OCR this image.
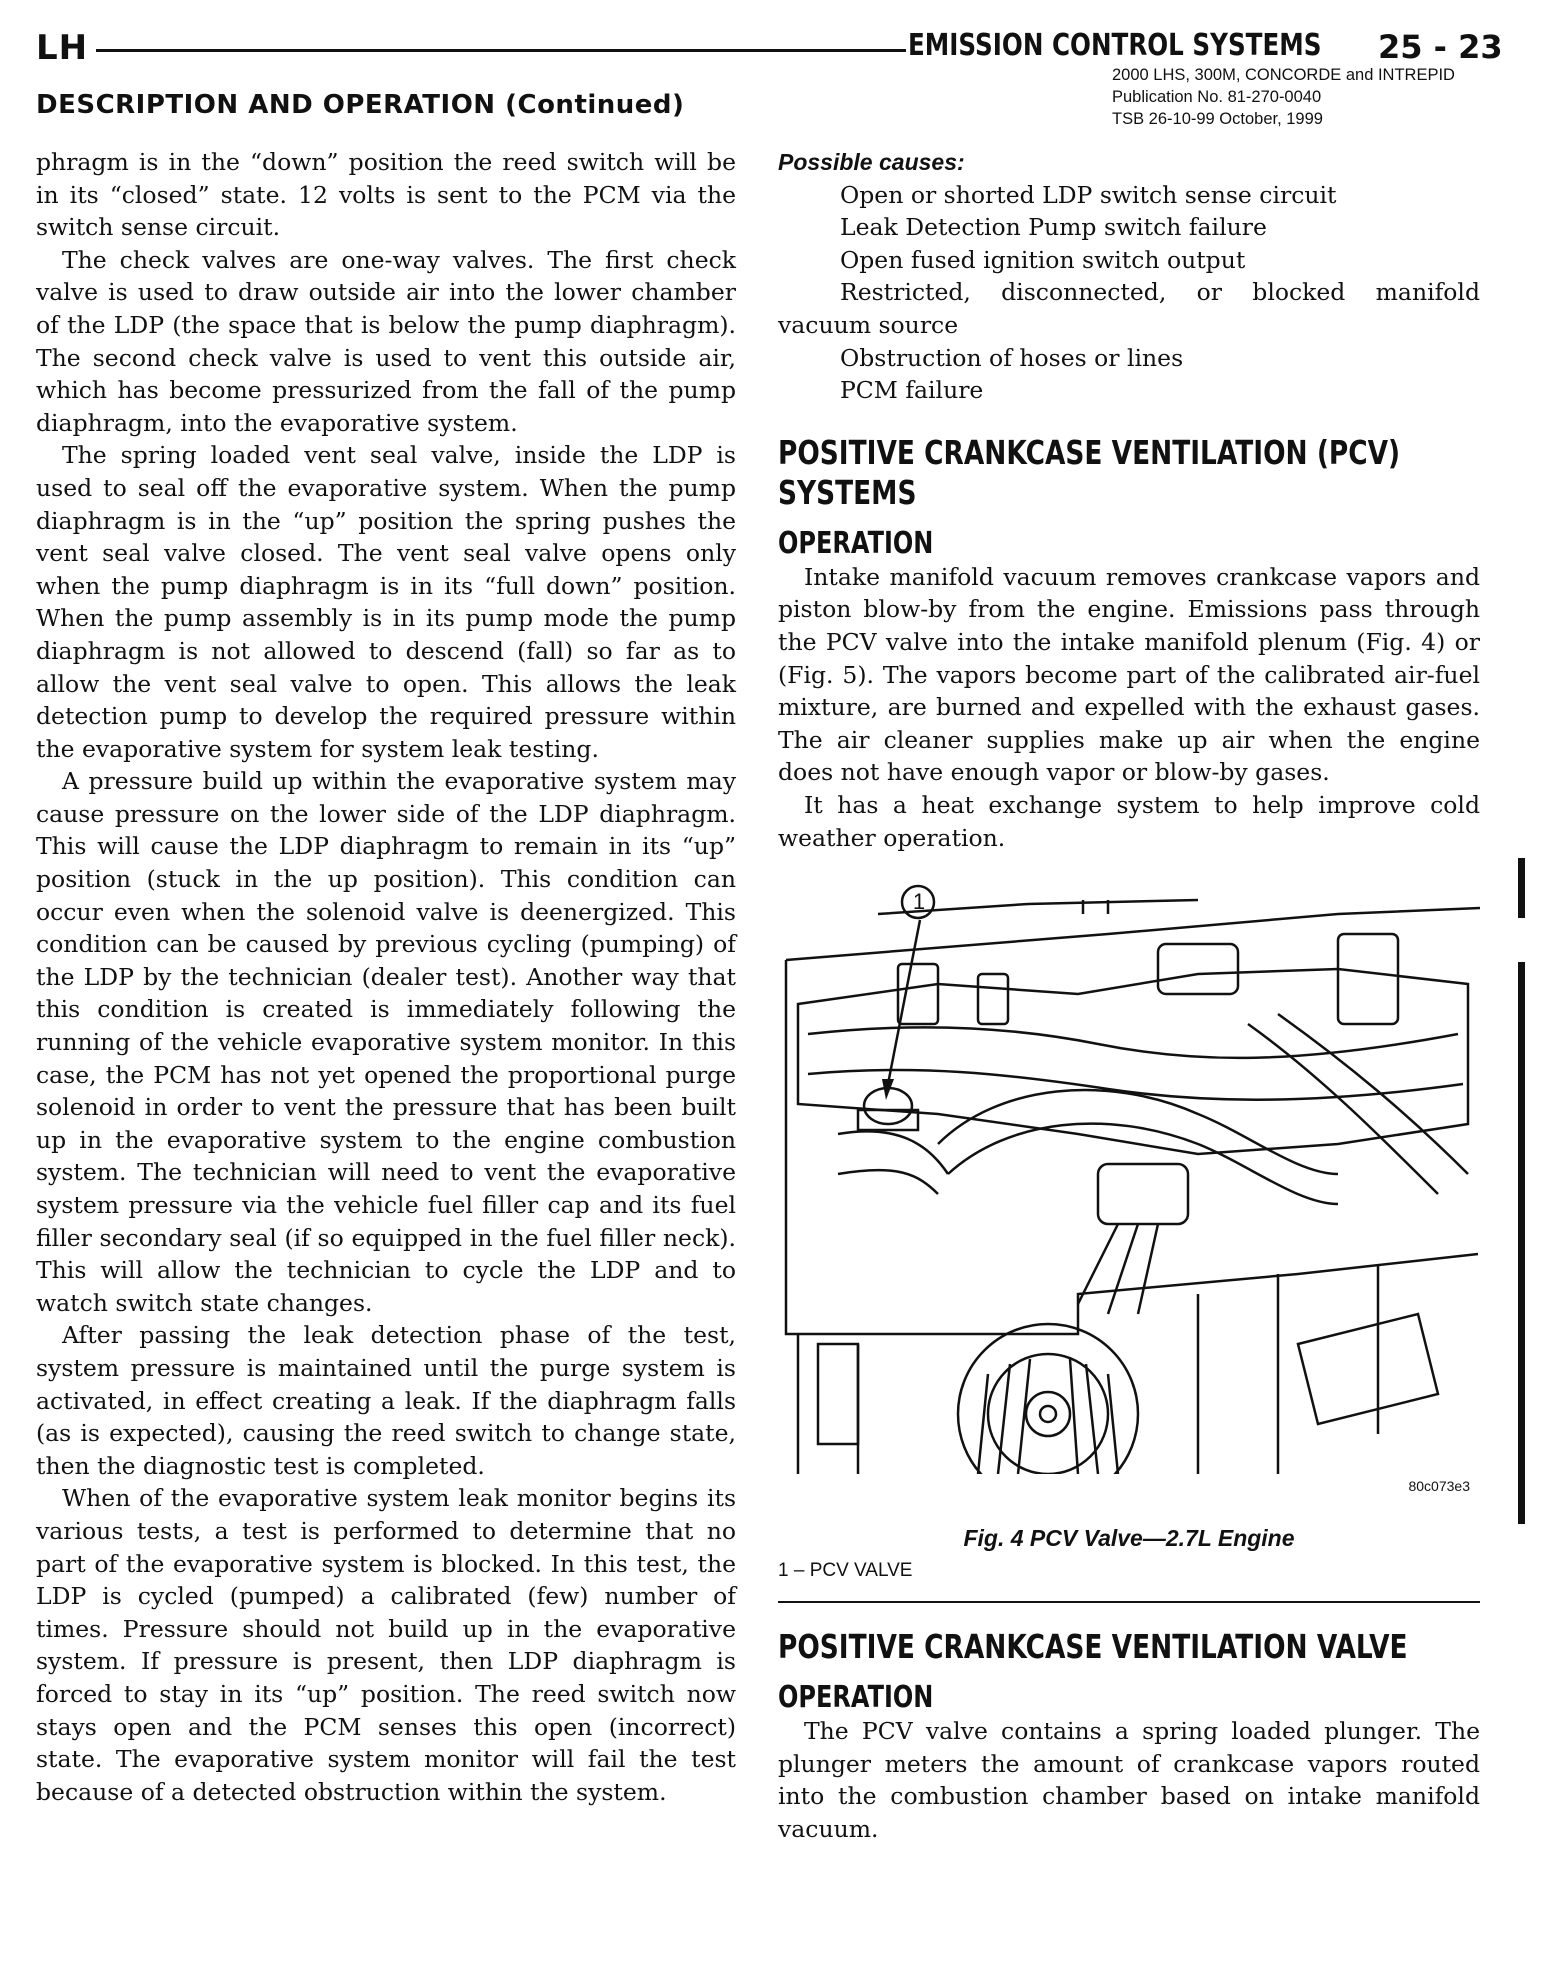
LH	EMISSION CONTROL SYSTEMS 25 - 23
2000 LHS, 300M, CONCORDE and INTREPID
Publication No. 81-270-0040
TSB 26-10-99 October, 1999
DESCRIPTION AND OPERATION (Continued)

phragm is in the “down” position the reed switch will be in its “closed” state. 12 volts is sent to the PCM via the switch sense circuit.

The check valves are one-way valves. The first check valve is used to draw outside air into the lower chamber of the LDP (the space that is below the pump diaphragm). The second check valve is used to vent this outside air, which has become pressurized from the fall of the pump diaphragm, into the evaporative system.

The spring loaded vent seal valve, inside the LDP is used to seal off the evaporative system. When the pump diaphragm is in the “up” position the spring pushes the vent seal valve closed. The vent seal valve opens only when the pump diaphragm is in its “full down” position. When the pump assembly is in its pump mode the pump diaphragm is not allowed to descend (fall) so far as to allow the vent seal valve to open. This allows the leak detection pump to develop the required pressure within the evaporative system for system leak testing.

A pressure build up within the evaporative system may cause pressure on the lower side of the LDP diaphragm. This will cause the LDP diaphragm to remain in its “up” position (stuck in the up position). This condition can occur even when the solenoid valve is deenergized. This condition can be caused by previous cycling (pumping) of the LDP by the technician (dealer test). Another way that this condition is created is immediately following the running of the vehicle evaporative system monitor. In this case, the PCM has not yet opened the proportional purge solenoid in order to vent the pressure that has been built up in the evaporative system to the engine combustion system. The technician will need to vent the evaporative system pressure via the vehicle fuel filler cap and its fuel filler secondary seal (if so equipped in the fuel filler neck). This will allow the technician to cycle the LDP and to watch switch state changes.

After passing the leak detection phase of the test, system pressure is maintained until the purge system is activated, in effect creating a leak. If the diaphragm falls (as is expected), causing the reed switch to change state, then the diagnostic test is completed.

When of the evaporative system leak monitor begins its various tests, a test is performed to determine that no part of the evaporative system is blocked. In this test, the LDP is cycled (pumped) a calibrated (few) number of times. Pressure should not build up in the evaporative system. If pressure is present, then LDP diaphragm is forced to stay in its “up” position. The reed switch now stays open and the PCM senses this open (incorrect) state. The evaporative system monitor will fail the test because of a detected obstruction within the system.

Possible causes:

Open or shorted LDP switch sense circuit

Leak Detection Pump switch failure

Open fused ignition switch output

Restricted, disconnected, or blocked manifold vacuum source

Obstruction of hoses or lines

PCM failure

POSITIVE CRANKCASE VENTILATION (PCV) SYSTEMS
OPERATION

Intake manifold vacuum removes crankcase vapors and piston blow-by from the engine. Emissions pass through the PCV valve into the intake manifold plenum (Fig. 4) or (Fig. 5). The vapors become part of the calibrated air-fuel mixture, are burned and expelled with the exhaust gases. The air cleaner supplies make up air when the engine does not have enough vapor or blow-by gases.

It has a heat exchange system to help improve cold weather operation.

1
80c073e3

Fig. 4 PCV Valve—2.7L Engine

1 – PCV VALVE

POSITIVE CRANKCASE VENTILATION VALVE
OPERATION

The PCV valve contains a spring loaded plunger. The plunger meters the amount of crankcase vapors routed into the combustion chamber based on intake manifold vacuum.
